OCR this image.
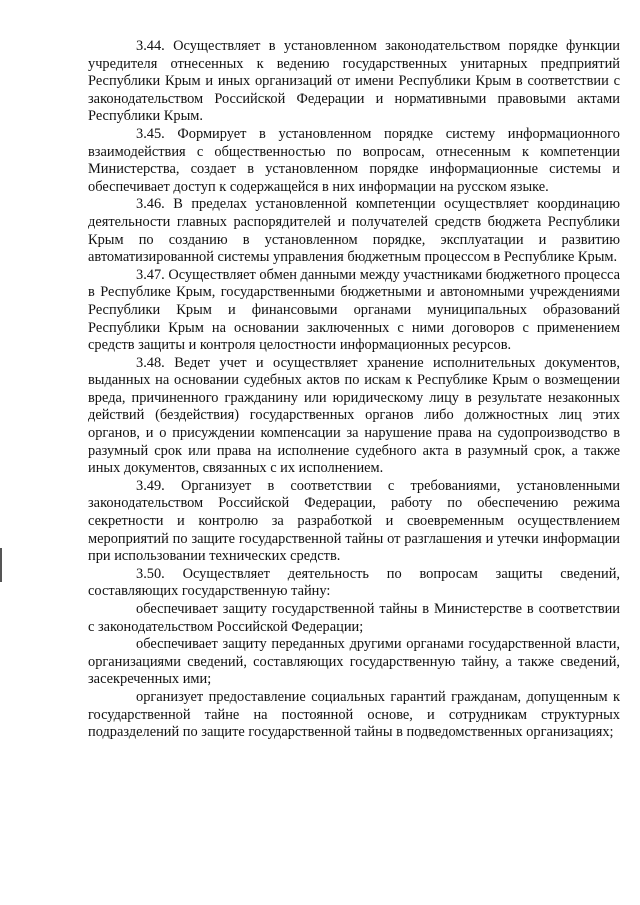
3.44. Осуществляет в установленном законодательством порядке функции учредителя отнесенных к ведению государственных унитарных предприятий Республики Крым и иных организаций от имени Республики Крым в соответствии с законодательством Российской Федерации и нормативными правовыми актами Республики Крым.

3.45. Формирует в установленном порядке систему информационного взаимодействия с общественностью по вопросам, отнесенным к компетенции Министерства, создает в установленном порядке информационные системы и обеспечивает доступ к содержащейся в них информации на русском языке.

3.46. В пределах установленной компетенции осуществляет координацию деятельности главных распорядителей и получателей средств бюджета Республики Крым по созданию в установленном порядке, эксплуатации и развитию автоматизированной системы управления бюджетным процессом в Республике Крым.

3.47. Осуществляет обмен данными между участниками бюджетного процесса в Республике Крым, государственными бюджетными и автономными учреждениями Республики Крым и финансовыми органами муниципальных образований Республики Крым на основании заключенных с ними договоров с применением средств защиты и контроля целостности информационных ресурсов.

3.48. Ведет учет и осуществляет хранение исполнительных документов, выданных на основании судебных актов по искам к Республике Крым о возмещении вреда, причиненного гражданину или юридическому лицу в результате незаконных действий (бездействия) государственных органов либо должностных лиц этих органов, и о присуждении компенсации за нарушение права на судопроизводство в разумный срок или права на исполнение судебного акта в разумный срок, а также иных документов, связанных с их исполнением.

3.49. Организует в соответствии с требованиями, установленными законодательством Российской Федерации, работу по обеспечению режима секретности и контролю за разработкой и своевременным осуществлением мероприятий по защите государственной тайны от разглашения и утечки информации при использовании технических средств.

3.50. Осуществляет деятельность по вопросам защиты сведений, составляющих государственную тайну:

обеспечивает защиту государственной тайны в Министерстве в соответствии с законодательством Российской Федерации;

обеспечивает защиту переданных другими органами государственной власти, организациями сведений, составляющих государственную тайну, а также сведений, засекреченных ими;

организует предоставление социальных гарантий гражданам, допущенным к государственной тайне на постоянной основе, и сотрудникам структурных подразделений по защите государственной тайны в подведомственных организациях;
